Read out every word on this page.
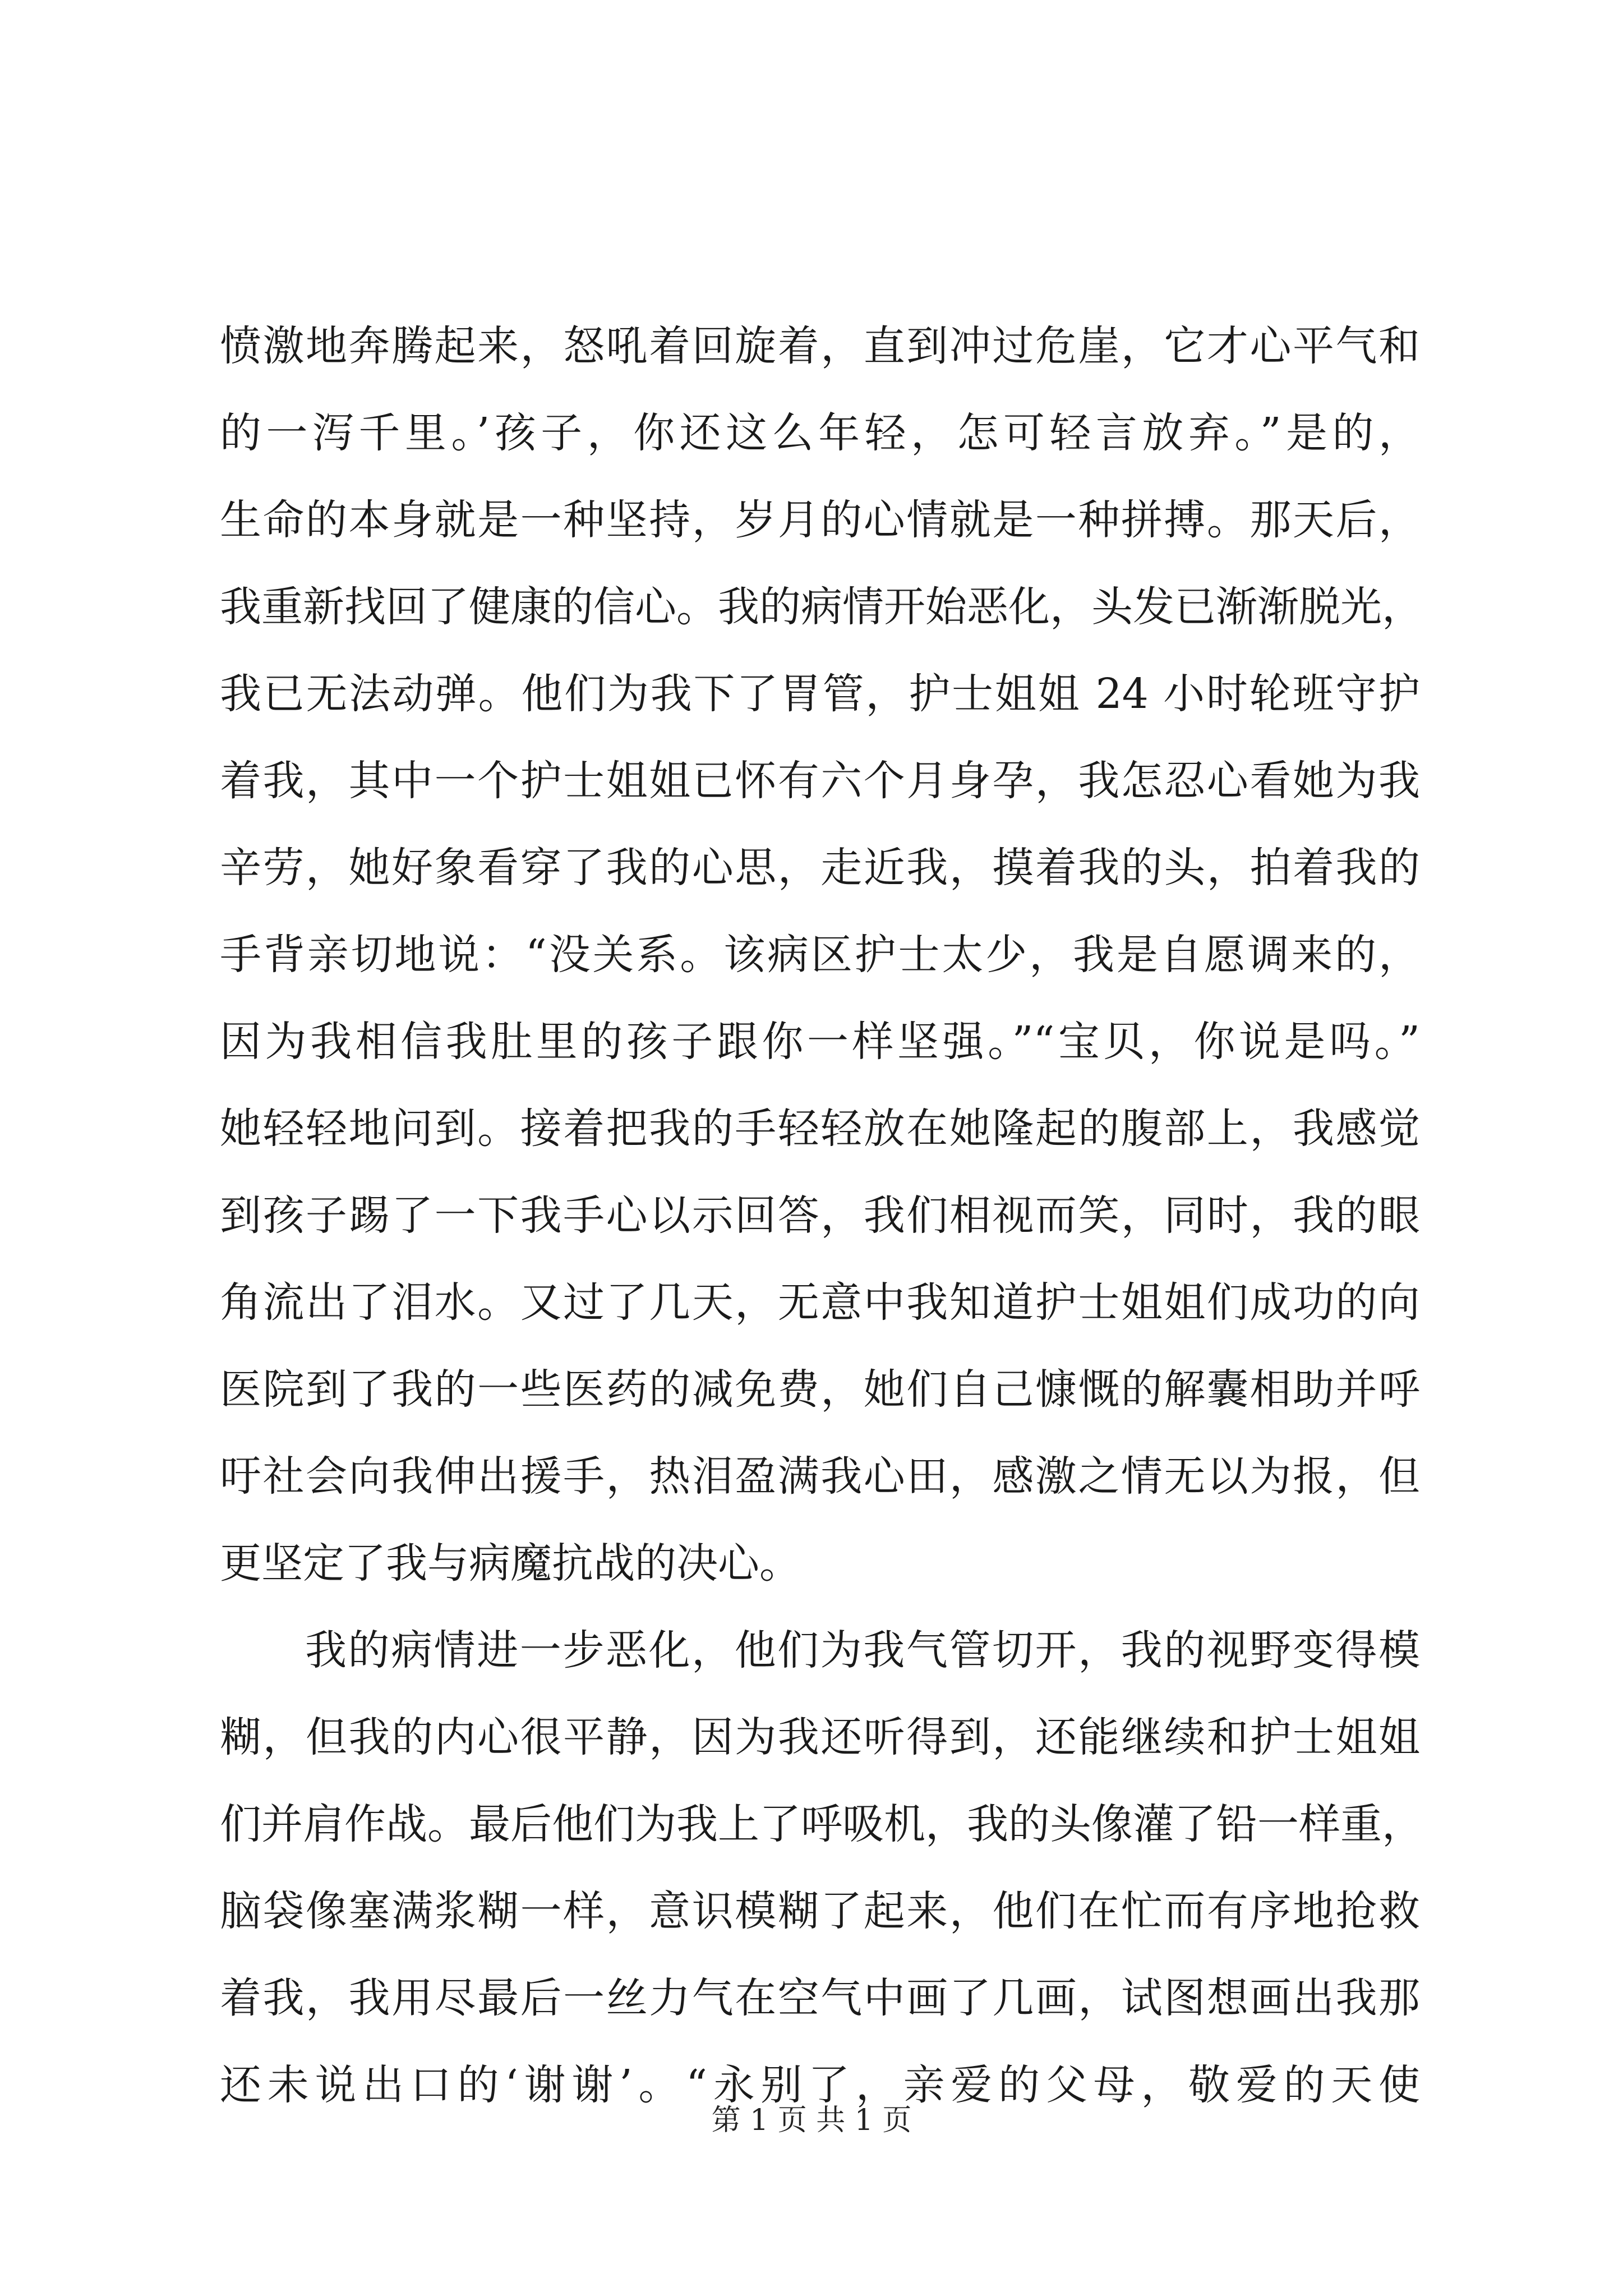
愤激地奔腾起来，怒吼着回旋着，直到冲过危崖，它才心平气和
的一泻千里。’孩子，你还这么年轻，怎可轻言放弃。”是的，
生命的本身就是一种坚持，岁月的心情就是一种拼搏。那天后，
我重新找回了健康的信心。我的病情开始恶化，头发已渐渐脱光，
我已无法动弹。他们为我下了胃管，护士姐姐 24 小时轮班守护
着我，其中一个护士姐姐已怀有六个月身孕，我怎忍心看她为我
辛劳，她好象看穿了我的心思，走近我，摸着我的头，拍着我的
手背亲切地说：“没关系。该病区护士太少，我是自愿调来的，
因为我相信我肚里的孩子跟你一样坚强。”“宝贝，你说是吗。”
她轻轻地问到。接着把我的手轻轻放在她隆起的腹部上，我感觉
到孩子踢了一下我手心以示回答，我们相视而笑，同时，我的眼
角流出了泪水。又过了几天，无意中我知道护士姐姐们成功的向
医院到了我的一些医药的减免费，她们自己慷慨的解囊相助并呼
吁社会向我伸出援手，热泪盈满我心田，感激之情无以为报，但
更坚定了我与病魔抗战的决心。
我的病情进一步恶化，他们为我气管切开，我的视野变得模
糊，但我的内心很平静，因为我还听得到，还能继续和护士姐姐
们并肩作战。最后他们为我上了呼吸机，我的头像灌了铅一样重，
脑袋像塞满浆糊一样，意识模糊了起来，他们在忙而有序地抢救
着我，我用尽最后一丝力气在空气中画了几画，试图想画出我那
还未说出口的‘谢谢’。“永别了，亲爱的父母，敬爱的天使
第 1 页 共 1 页
